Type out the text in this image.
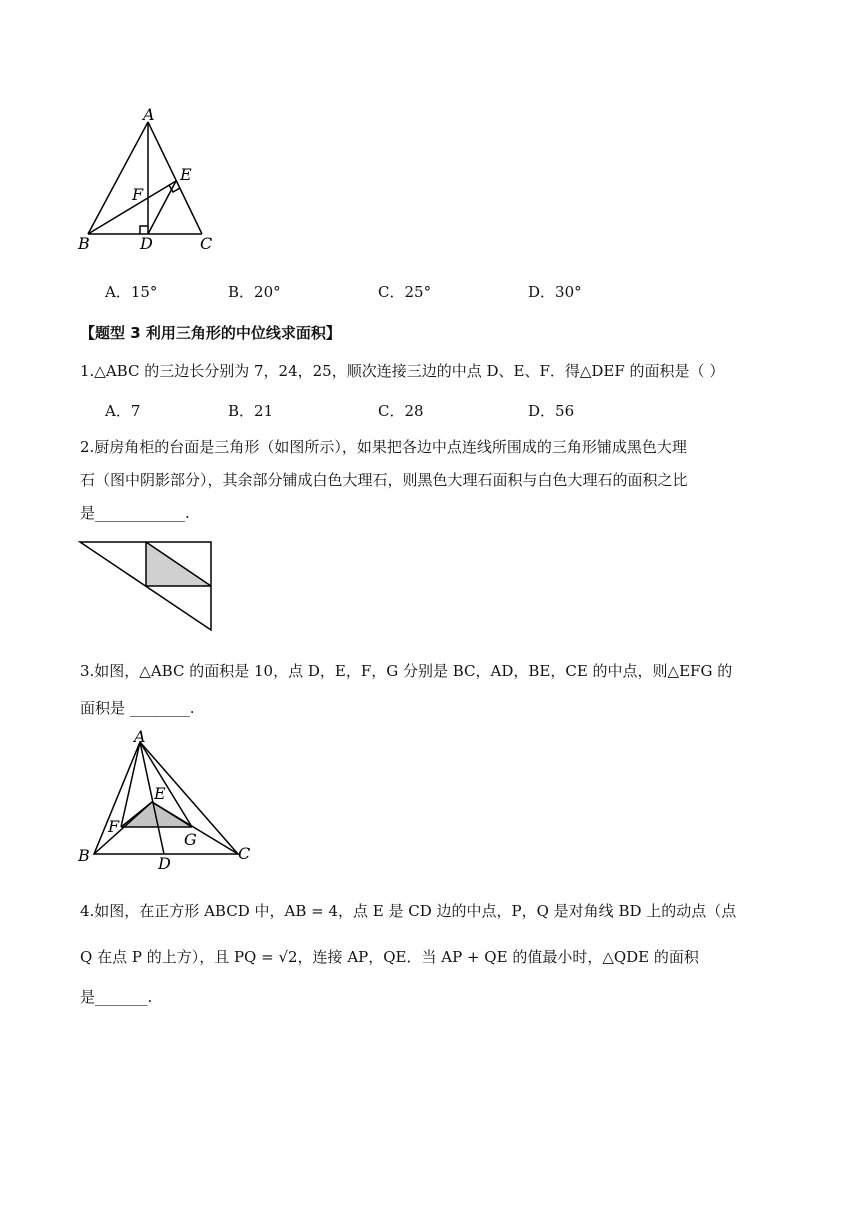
A
E
F
B	D	C
A．15°	B．20°	C．25°	D．30°
【题型 3 利用三角形的中位线求面积】
1.△ABC 的三边长分别为 7，24，25，顺次连接三边的中点 D、E、F．得△DEF 的面积是（ ）
A．7	B．21	C．28	D．56
2.厨房角柜的台面是三角形（如图所示），如果把各边中点连线所围成的三角形铺成黑色大理
石（图中阴影部分），其余部分铺成白色大理石，则黑色大理石面积与白色大理石的面积之比
是____________.
3.如图，△ABC 的面积是 10，点 D，E，F，G 分别是 BC，AD，BE，CE 的中点，则△EFG 的
面积是 ________.
A
E
F
G
B	D
C
4.如图，在正方形 ABCD 中，AB = 4，点 E 是 CD 边的中点，P，Q 是对角线 BD 上的动点（点
Q 在点 P 的上方），且 PQ = √2，连接 AP，QE．当 AP + QE 的值最小时，△QDE 的面积
是_______.
